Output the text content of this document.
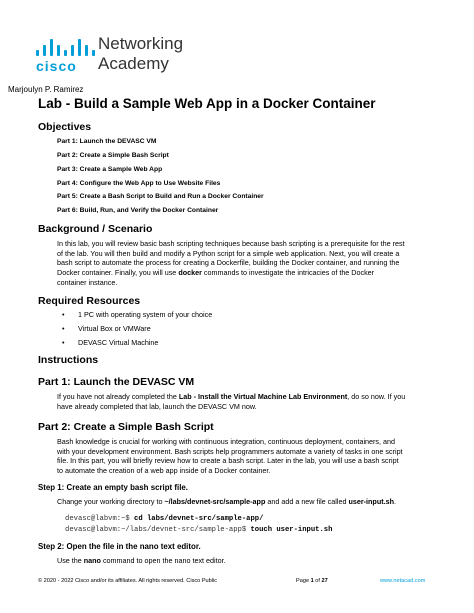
cisco
Networking
Academy
Marjoulyn P. Ramirez
Lab - Build a Sample Web App in a Docker Container
Objectives
Part 1: Launch the DEVASC VM
Part 2: Create a Simple Bash Script
Part 3: Create a Sample Web App
Part 4: Configure the Web App to Use Website Files
Part 5: Create a Bash Script to Build and Run a Docker Container
Part 6: Build, Run, and Verify the Docker Container
Background / Scenario
In this lab, you will review basic bash scripting techniques because bash scripting is a prerequisite for the rest
of the lab. You will then build and modify a Python script for a simple web application. Next, you will create a
bash script to automate the process for creating a Dockerfile, building the Docker container, and running the
Docker container. Finally, you will use docker commands to investigate the intricacies of the Docker
container instance.
Required Resources
• 1 PC with operating system of your choice
• Virtual Box or VMWare
• DEVASC Virtual Machine
Instructions
Part 1: Launch the DEVASC VM
If you have not already completed the Lab - Install the Virtual Machine Lab Environment, do so now. If you
have already completed that lab, launch the DEVASC VM now.
Part 2: Create a Simple Bash Script
Bash knowledge is crucial for working with continuous integration, continuous deployment, containers, and
with your development environment. Bash scripts help programmers automate a variety of tasks in one script
file. In this part, you will briefly review how to create a bash script. Later in the lab, you will use a bash script
to automate the creation of a web app inside of a Docker container.
Step 1: Create an empty bash script file.
Change your working directory to ~/labs/devnet-src/sample-app and add a new file called user-input.sh.
devasc@labvm:~$ cd labs/devnet-src/sample-app/
devasc@labvm:~/labs/devnet-src/sample-app$ touch user-input.sh
Step 2: Open the file in the nano text editor.
Use the nano command to open the nano text editor.
© 2020 - 2022 Cisco and/or its affiliates. All rights reserved. Cisco Public	Page 1 of 27	www.netacad.com
